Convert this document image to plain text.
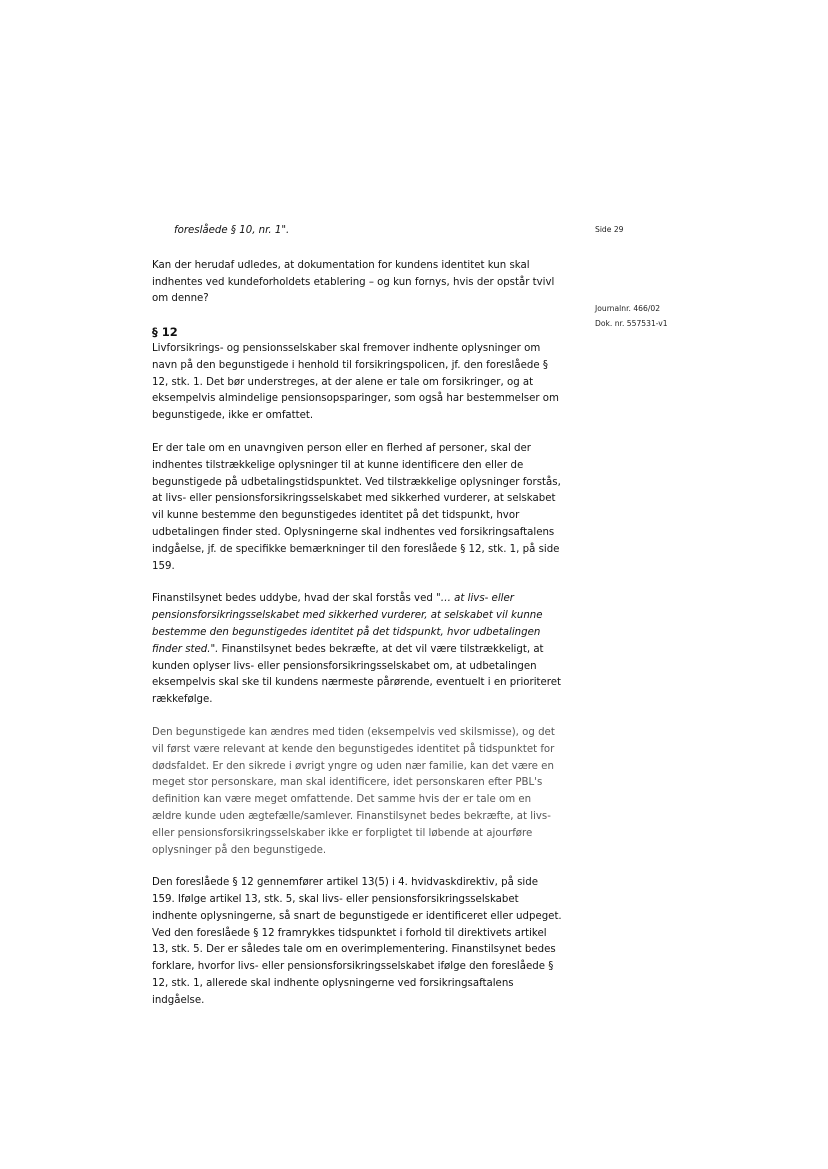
Side 29
Journalnr. 466/02
Dok. nr. 557531-v1

foreslåede § 10, nr. 1".

Kan der herudaf udledes, at dokumentation for kundens identitet kun skal indhentes ved kundeforholdets etablering – og kun fornys, hvis der opstår tvivl om denne?

§ 12

Livforsikrings- og pensionsselskaber skal fremover indhente oplysninger om navn på den begunstigede i henhold til forsikringspolicen, jf. den foreslåede § 12, stk. 1. Det bør understreges, at der alene er tale om forsikringer, og at eksempelvis almindelige pensionsopsparinger, som også har bestemmelser om begunstigede, ikke er omfattet.

Er der tale om en unavngiven person eller en flerhed af personer, skal der indhentes tilstrækkelige oplysninger til at kunne identificere den eller de begunstigede på udbetalingstidspunktet. Ved tilstrækkelige oplysninger forstås, at livs- eller pensionsforsikringsselskabet med sikkerhed vurderer, at selskabet vil kunne bestemme den begunstigedes identitet på det tidspunkt, hvor udbetalingen finder sted. Oplysningerne skal indhentes ved forsikringsaftalens indgåelse, jf. de specifikke bemærkninger til den foreslåede § 12, stk. 1, på side 159.

Finanstilsynet bedes uddybe, hvad der skal forstås ved "… at livs- eller pensionsforsikringsselskabet med sikkerhed vurderer, at selskabet vil kunne bestemme den begunstigedes identitet på det tidspunkt, hvor udbetalingen finder sted.". Finanstilsynet bedes bekræfte, at det vil være tilstrækkeligt, at kunden oplyser livs- eller pensionsforsikringsselskabet om, at udbetalingen eksempelvis skal ske til kundens nærmeste pårørende, eventuelt i en prioriteret rækkefølge.

Den begunstigede kan ændres med tiden (eksempelvis ved skilsmisse), og det vil først være relevant at kende den begunstigedes identitet på tidspunktet for dødsfaldet. Er den sikrede i øvrigt yngre og uden nær familie, kan det være en meget stor personskare, man skal identificere, idet personskaren efter PBL's definition kan være meget omfattende. Det samme hvis der er tale om en ældre kunde uden ægtefælle/samlever. Finanstilsynet bedes bekræfte, at livs- eller pensionsforsikringsselskaber ikke er forpligtet til løbende at ajourføre oplysninger på den begunstigede.

Den foreslåede § 12 gennemfører artikel 13(5) i 4. hvidvaskdirektiv, på side 159. Ifølge artikel 13, stk. 5, skal livs- eller pensionsforsikringsselskabet indhente oplysningerne, så snart de begunstigede er identificeret eller udpeget. Ved den foreslåede § 12 framrykkes tidspunktet i forhold til direktivets artikel 13, stk. 5. Der er således tale om en overimplementering. Finanstilsynet bedes forklare, hvorfor livs- eller pensionsforsikringsselskabet ifølge den foreslåede § 12, stk. 1, allerede skal indhente oplysningerne ved forsikringsaftalens indgåelse.
